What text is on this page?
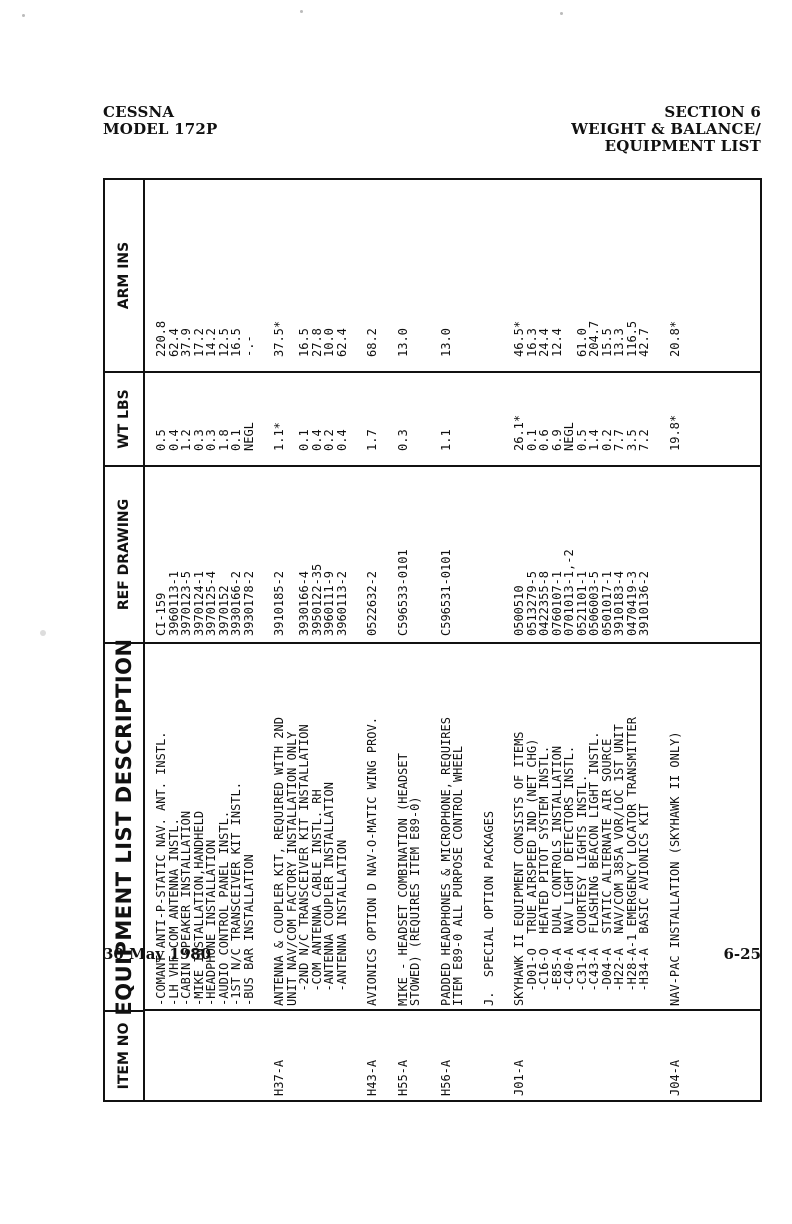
CESSNA
MODEL 172P
SECTION 6
WEIGHT & BALANCE/
EQUIPMENT LIST
ITEM NO
EQUIPMENT LIST DESCRIPTION
REF DRAWING
WT LBS
ARM INS
-COMANT ANTI-P-STATIC NAV. ANT. INSTL.
-LH VHF COM ANTENNA INSTL.
-CABIN SPEAKER INSTALLATION
-MIKE INSTALLATION,HANDHELD
-HEADPHONE INSTALLATION
-AUDIO CONTROL PANEL INSTL.
-1ST N/C TRANSCEIVER KIT INSTL.
-BUS BAR INSTALLATION
CI-159
3960113-1
3970123-5
3970124-1
3970125-4
3970152
3930166-2
3930178-2
0.5
0.4
1.2
0.3
0.3
1.8
0.1
NEGL
220.8
62.4
37.9
17.2
14.2
12.5
16.5
-.-
H37-A
ANTENNA & COUPLER KIT, REQUIRED WITH 2ND
UNIT NAV/COM FACTORY INSTALLATION ONLY
-2ND N/C TRANSCEIVER KIT INSTALLATION
-COM ANTENNA CABLE INSTL. RH
-ANTENNA COUPLER INSTALLATION
-ANTENNA INSTALLATION
3910185-2 3930166-4
3950122-35
3960111-9
3960113-2
1.1* 0.1
0.4
0.2
0.4
37.5* 16.5
27.8
10.0
62.4
H43-A
AVIONICS OPTION D NAV-O-MATIC WING PROV.
0522632-2
1.7
68.2
H55-A
MIKE - HEADSET COMBINATION (HEADSET
STOWED) (REQUIRES ITEM E89-0)
C596533-0101
0.3
13.0
H56-A
PADDED HEADPHONES & MICROPHONE, REQUIRES
ITEM E89-0 ALL PURPOSE CONTROL WHEEL
C596531-0101
1.1
13.0
J.  SPECIAL OPTION PACKAGES
J01-A
SKYHAWK II EQUIPMENT CONSISTS OF ITEMS
-D01-O  TRUE AIRSPEED IND (NET CHG)
-C16-O  HEATED PITOT SYSTEM INSTL.
-E85-A  DUAL CONTROLS INSTALLATION
-C40-A  NAV LIGHT DETECTORS INSTL.
-C31-A  COURTESY LIGHTS INSTL.
-C43-A  FLASHING BEACON LIGHT INSTL.
-D04-A  STATIC ALTERNATE AIR SOURCE
-H22-A  NAV/COM 385A VOR/LOC 1ST UNIT
-H28-A-1 EMERGENCY LOCATOR TRANSMITTER
-H34-A  BASIC AVIONICS KIT
0500510
0513279-5
0422355-8
0760107-1
0701013-1,-2
0521101-1
0506003-5
0501017-1
3910183-4
0470419-3
3910136-2
26.1*
0.1
0.6
6.9
NEGL
0.5
1.4
0.2
7.7
3.5
7.2
46.5*
16.3
24.4
12.4 61.0
204.7
15.5
13.3
116.5
42.7
J04-A
NAV-PAC INSTALLATION (SKYHAWK II ONLY)
19.8*
20.8*
30 May 1980	6-25
